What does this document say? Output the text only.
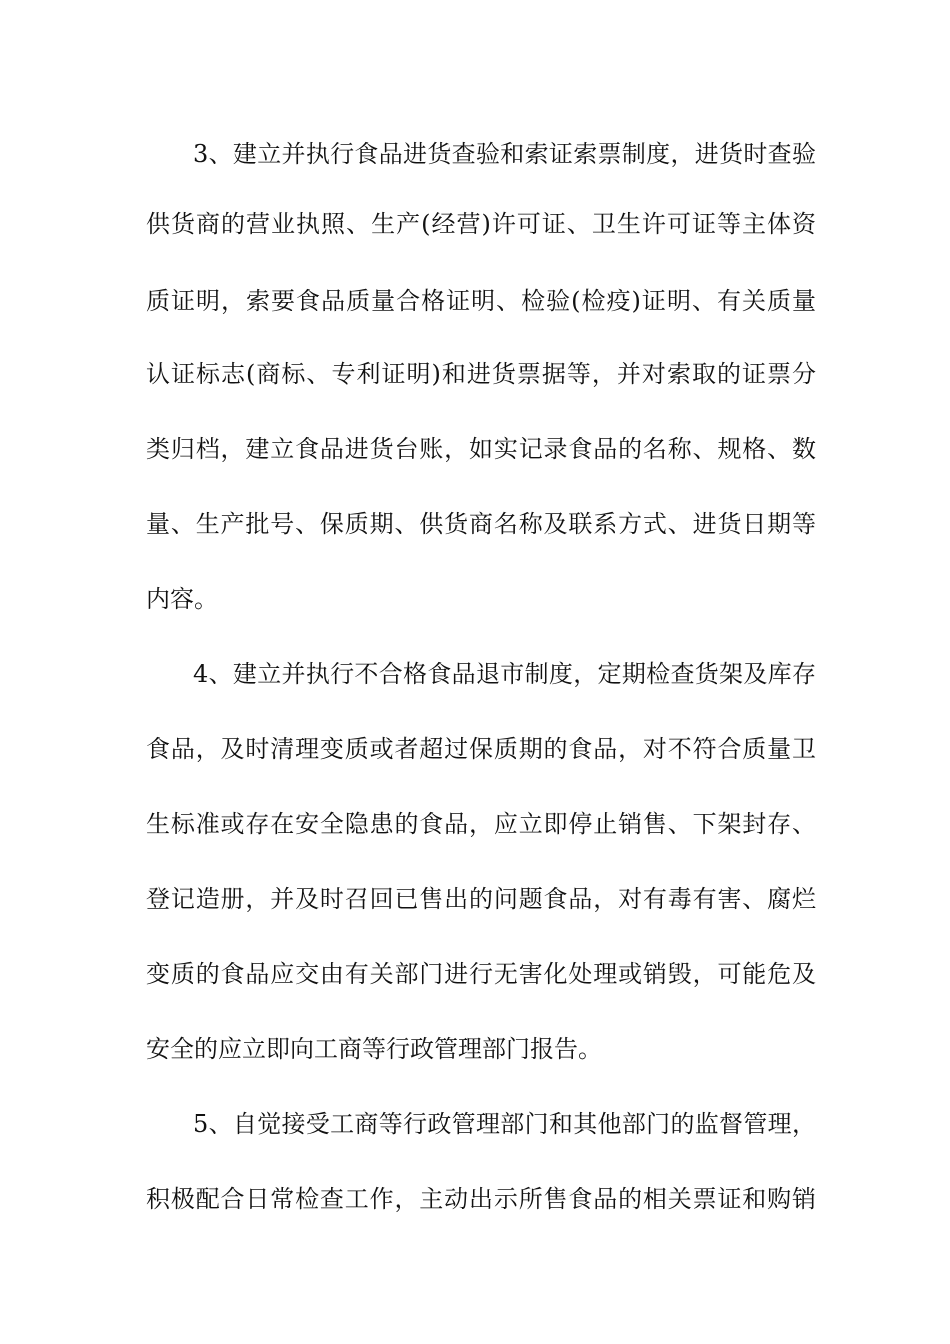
3、建立并执行食品进货查验和索证索票制度，进货时查验
供货商的营业执照、生产(经营)许可证、卫生许可证等主体资
质证明，索要食品质量合格证明、检验(检疫)证明、有关质量
认证标志(商标、专利证明)和进货票据等，并对索取的证票分
类归档，建立食品进货台账，如实记录食品的名称、规格、数
量、生产批号、保质期、供货商名称及联系方式、进货日期等
内容。
4、建立并执行不合格食品退市制度，定期检查货架及库存
食品，及时清理变质或者超过保质期的食品，对不符合质量卫
生标准或存在安全隐患的食品，应立即停止销售、下架封存、
登记造册，并及时召回已售出的问题食品，对有毒有害、腐烂
变质的食品应交由有关部门进行无害化处理或销毁，可能危及
安全的应立即向工商等行政管理部门报告。
5、自觉接受工商等行政管理部门和其他部门的监督管理，
积极配合日常检查工作，主动出示所售食品的相关票证和购销
